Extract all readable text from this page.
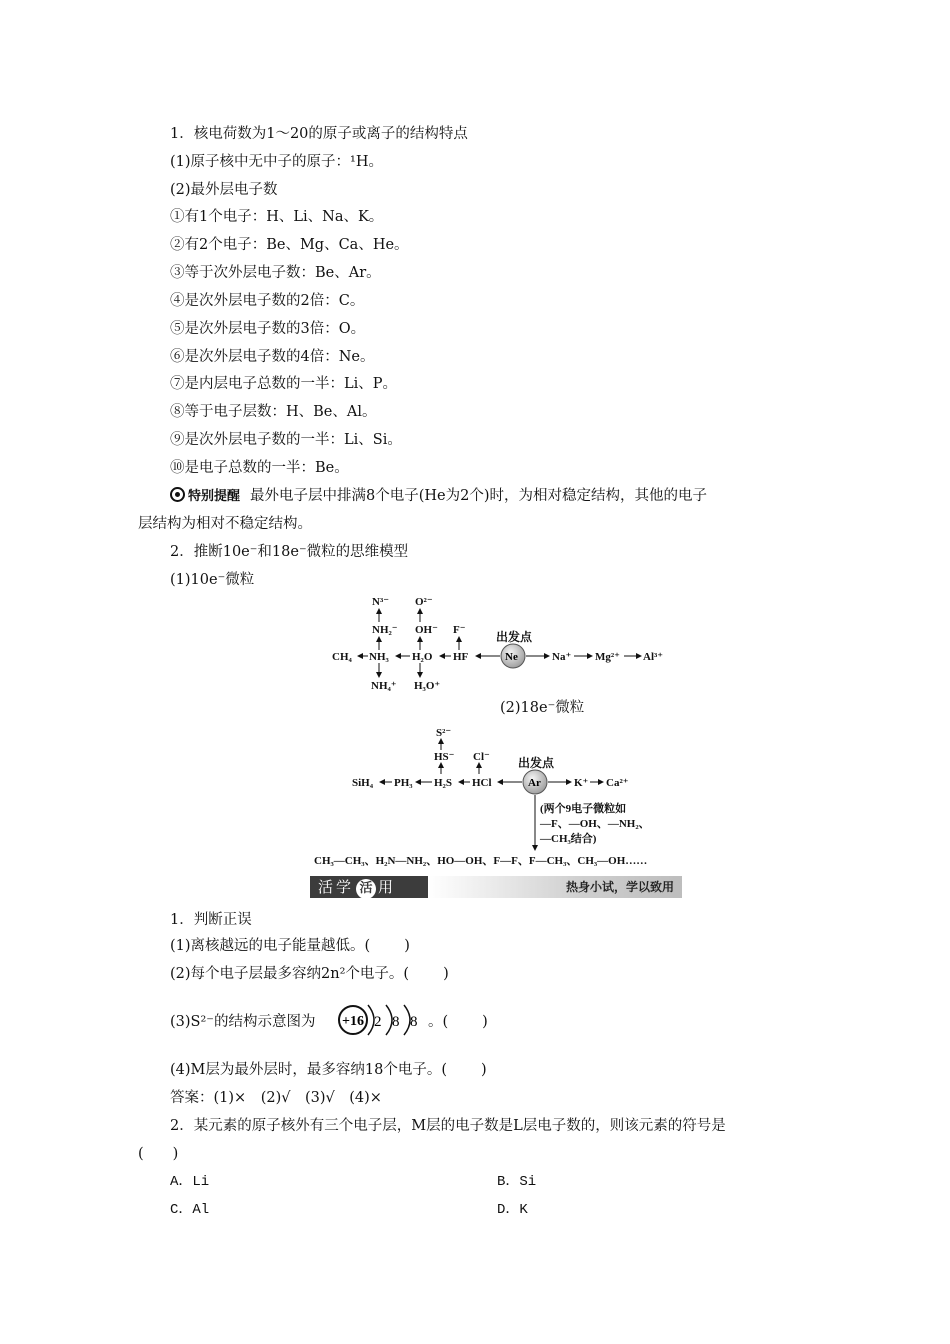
1．核电荷数为1～20的原子或离子的结构特点
(1)原子核中无中子的原子：¹H。
(2)最外层电子数
①有1个电子：H、Li、Na、K。
②有2个电子：Be、Mg、Ca、He。
③等于次外层电子数：Be、Ar。
④是次外层电子数的2倍：C。
⑤是次外层电子数的3倍：O。
⑥是次外层电子数的4倍：Ne。
⑦是内层电子总数的一半：Li、P。
⑧等于电子层数：H、Be、Al。
⑨是次外层电子数的一半：Li、Si。
⑩是电子总数的一半：Be。
特别提醒 最外电子层中排满8个电子(He为2个)时，为相对稳定结构，其他的电子
层结构为相对不稳定结构。
2．推断10e⁻和18e⁻微粒的思维模型
(1)10e⁻微粒
N³⁻
NH₂⁻
O²⁻
OH⁻ F⁻	出发点
CH₄ NH₃ H₂O HF	Na⁺ Mg²⁺ Al³⁺
NH₄⁺ H₃O⁺
Ne
(2)18e⁻微粒
S²⁻
HS⁻ Cl⁻ 出发点
SiH₄ PH₃ H₂S HCl	K⁺ Ca²⁺
(两个9电子微粒如
—F、—OH、—NH₂、
—CH₃结合)
CH₃—CH₃、H₂N—NH₂、HO—OH、F—F、F—CH₃、CH₃—OH……
Ar
活学 活 用	热身小试，学以致用
1．判断正误
(1)离核越远的电子能量越低。( )
(2)每个电子层最多容纳2n²个电子。( )
(3)S²⁻的结构示意图为 +16 2 8 8 。( )
(4)M层为最外层时，最多容纳18个电子。( )
答案：(1)×　(2)√　(3)√　(4)×
2．某元素的原子核外有三个电子层，M层的电子数是L层电子数的，则该元素的符号是
(　　)
A．Li	B．Si
C．Al	D．K
